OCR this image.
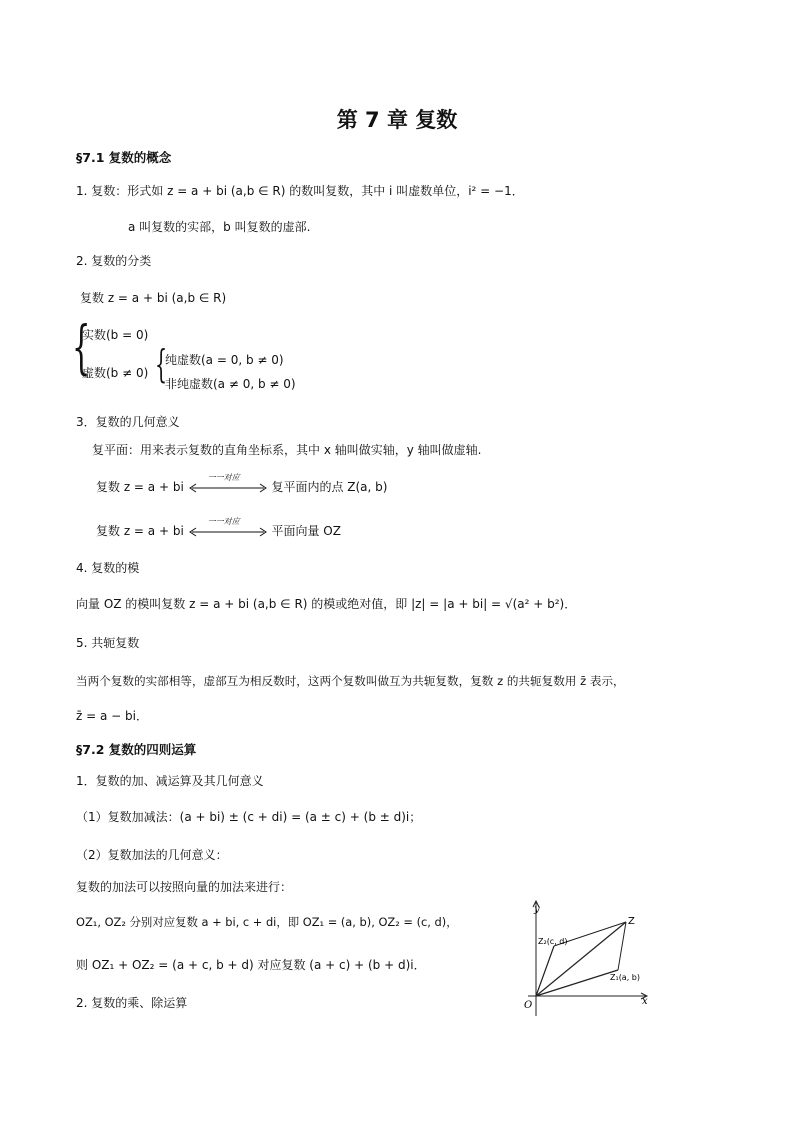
第 7 章 复数
§7.1 复数的概念
1. 复数：形式如 z = a + bi (a,b ∈ R) 的数叫复数，其中 i 叫虚数单位，i² = −1．
a 叫复数的实部，b 叫复数的虚部.
2. 复数的分类
复数 z = a + bi (a,b ∈ R)
{
实数(b = 0)
虚数(b ≠ 0) {
纯虚数(a = 0, b ≠ 0)
非纯虚数(a ≠ 0, b ≠ 0)
3．复数的几何意义
复平面：用来表示复数的直角坐标系，其中 x 轴叫做实轴，y 轴叫做虚轴.
复数 z = a + bi
一一对应
复平面内的点 Z(a, b)
复数 z = a + bi
一一对应
平面向量 OZ
4. 复数的模
向量 OZ 的模叫复数 z = a + bi (a,b ∈ R) 的模或绝对值，即 |z| = |a + bi| = √(a² + b²)．
5. 共轭复数
当两个复数的实部相等，虚部互为相反数时，这两个复数叫做互为共轭复数，复数 z 的共轭复数用 z̄ 表示，
z̄ = a − bi．
§7.2 复数的四则运算
1．复数的加、减运算及其几何意义
（1）复数加减法：(a + bi) ± (c + di) = (a ± c) + (b ± d)i；
（2）复数加法的几何意义：
复数的加法可以按照向量的加法来进行：
OZ₁, OZ₂ 分别对应复数 a + bi, c + di，即 OZ₁ = (a, b), OZ₂ = (c, d)，
则 OZ₁ + OZ₂ = (a + c, b + d) 对应复数 (a + c) + (b + d)i．
2. 复数的乘、除运算
y
x
O
Z
Z₂(c, d)
Z₁(a, b)
